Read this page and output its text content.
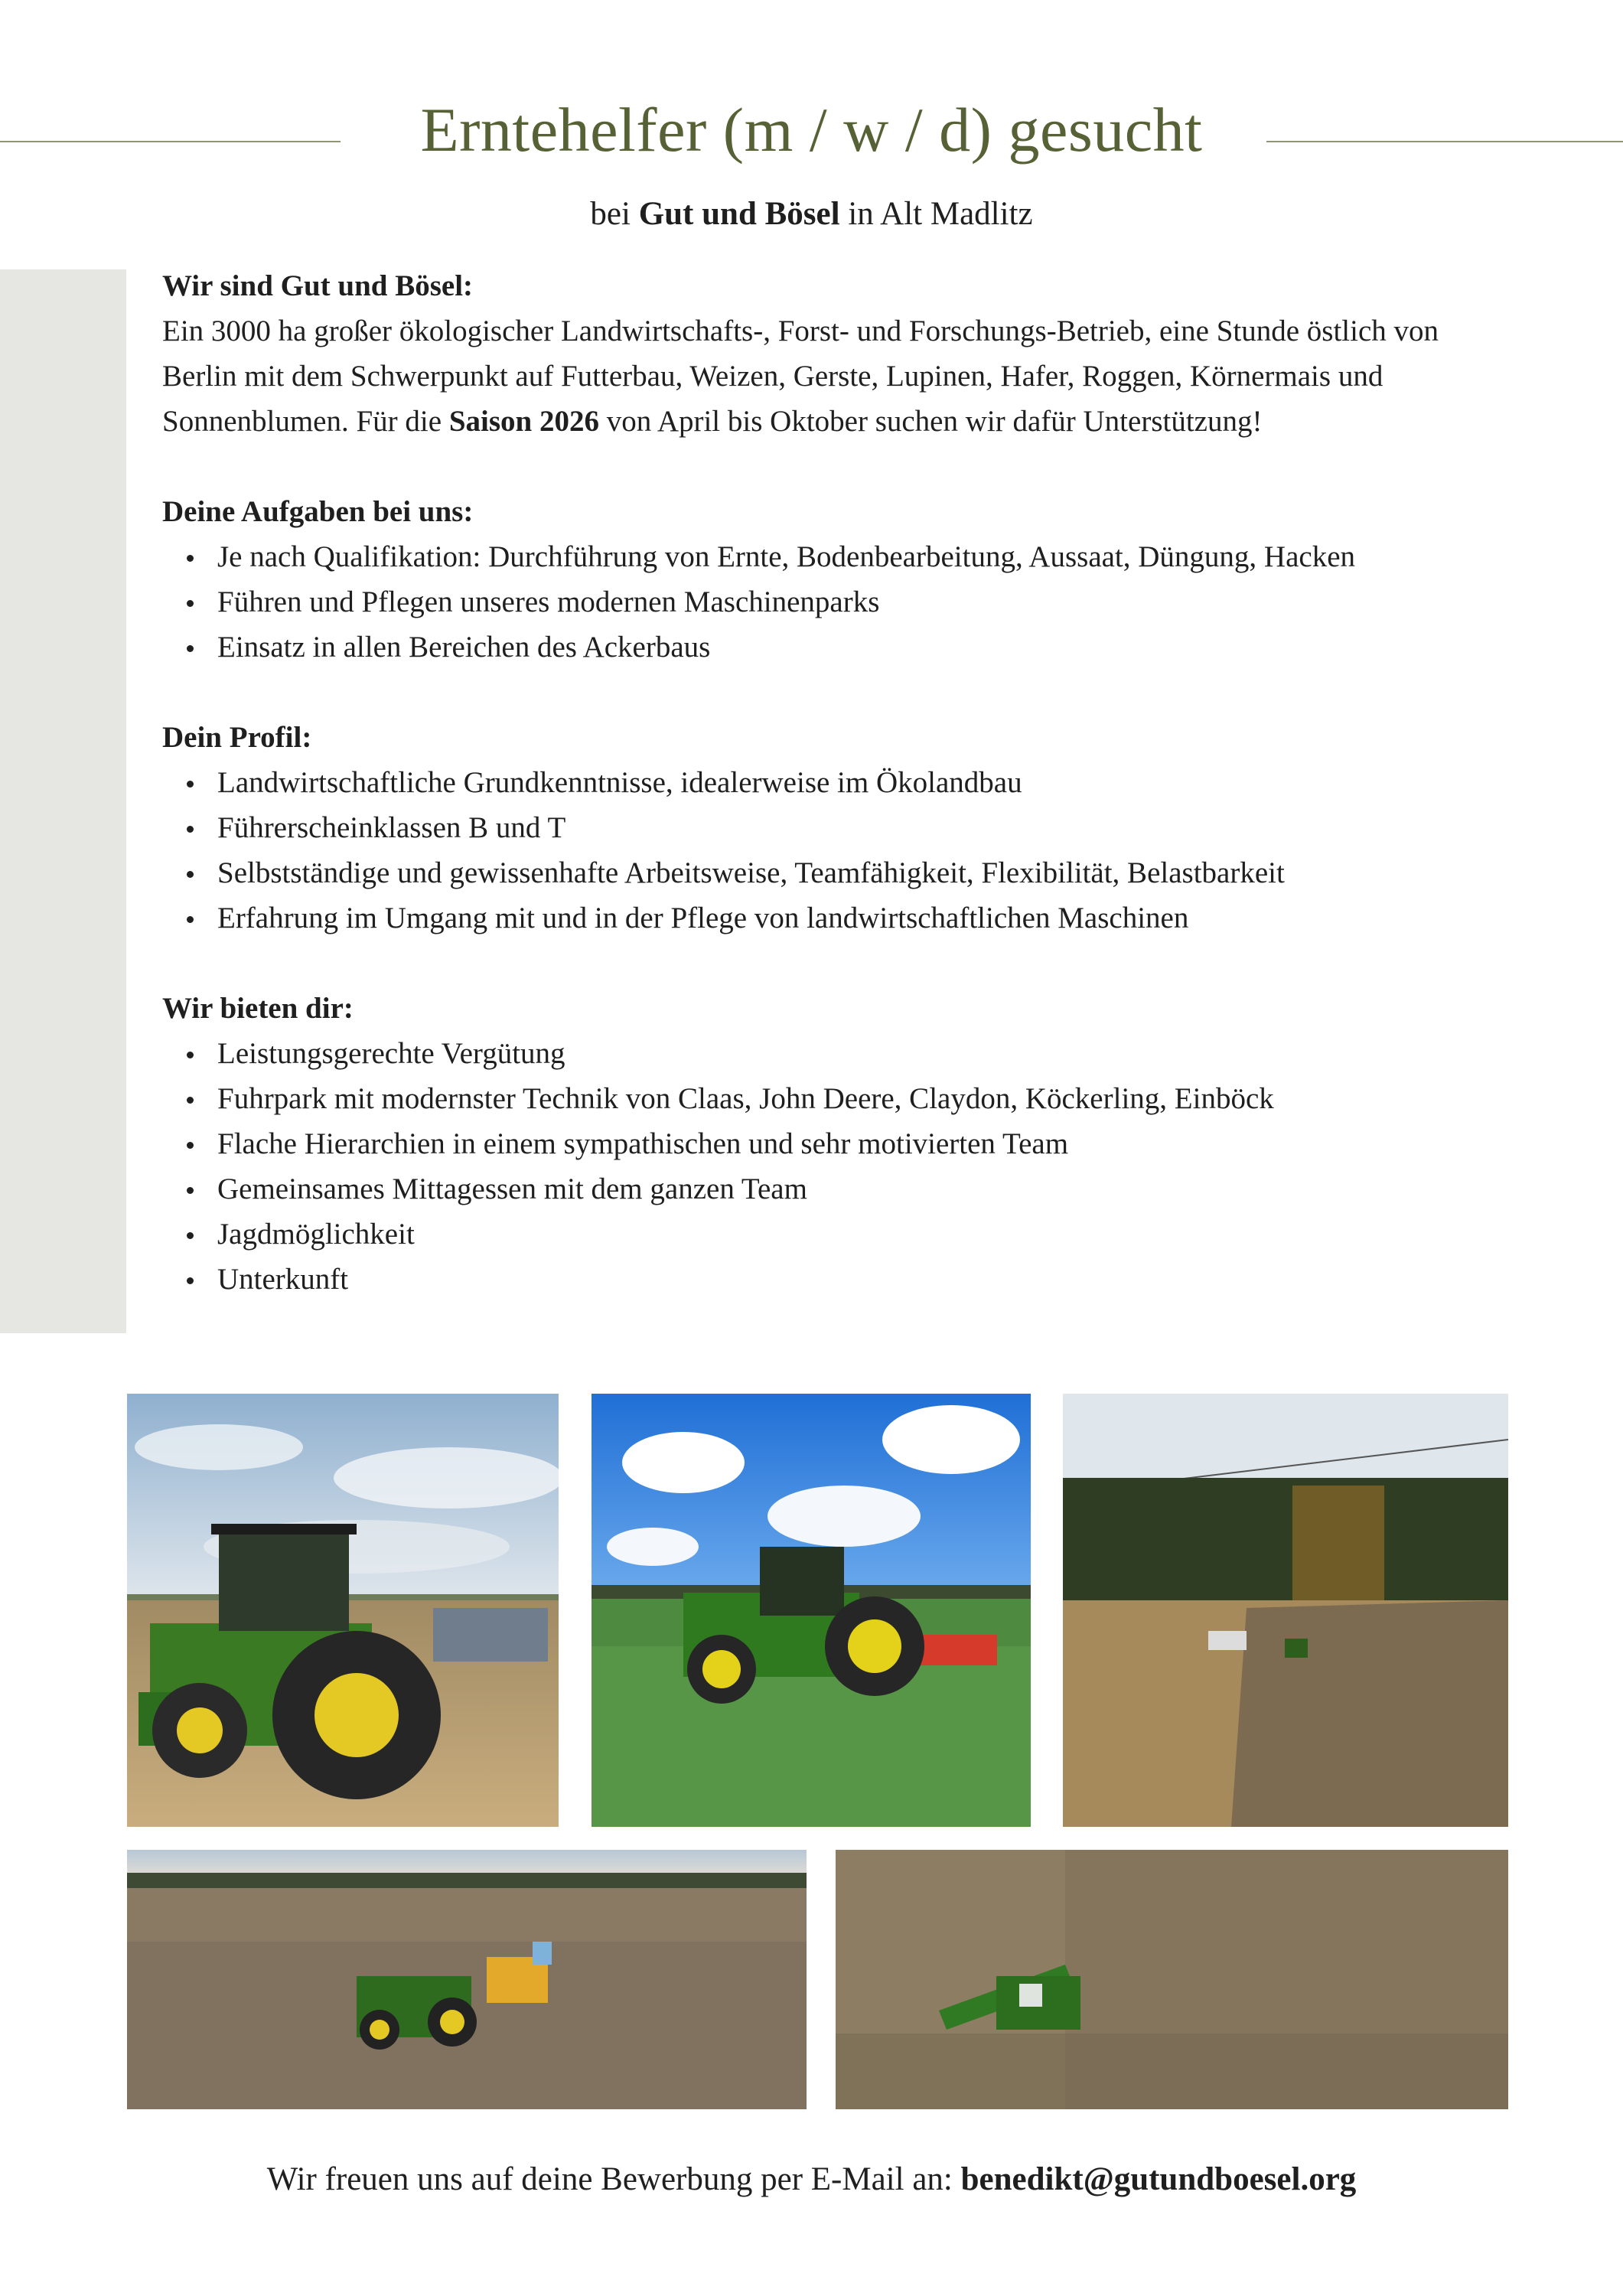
Erntehelfer (m / w / d) gesucht
bei Gut und Bösel in Alt Madlitz
Wir sind Gut und Bösel:

Ein 3000 ha großer ökologischer Landwirtschafts-, Forst- und Forschungs-Betrieb, eine Stunde östlich von Berlin mit dem Schwerpunkt auf Futterbau, Weizen, Gerste, Lupinen, Hafer, Roggen, Körnermais und Sonnenblumen. Für die Saison 2026 von April bis Oktober suchen wir dafür Unterstützung!

Deine Aufgaben bei uns:
Je nach Qualifikation: Durchführung von Ernte, Bodenbearbeitung, Aussaat, Düngung, Hacken
Führen und Pflegen unseres modernen Maschinenparks
Einsatz in allen Bereichen des Ackerbaus
Dein Profil:
Landwirtschaftliche Grundkenntnisse, idealerweise im Ökolandbau
Führerscheinklassen B und T
Selbstständige und gewissenhafte Arbeitsweise, Teamfähigkeit, Flexibilität, Belastbarkeit
Erfahrung im Umgang mit und in der Pflege von landwirtschaftlichen Maschinen
Wir bieten dir:
Leistungsgerechte Vergütung
Fuhrpark mit modernster Technik von Claas, John Deere, Claydon, Köckerling, Einböck
Flache Hierarchien in einem sympathischen und sehr motivierten Team
Gemeinsames Mittagessen mit dem ganzen Team
Jagdmöglichkeit
Unterkunft
Wir freuen uns auf deine Bewerbung per E-Mail an: benedikt@gutundboesel.org
